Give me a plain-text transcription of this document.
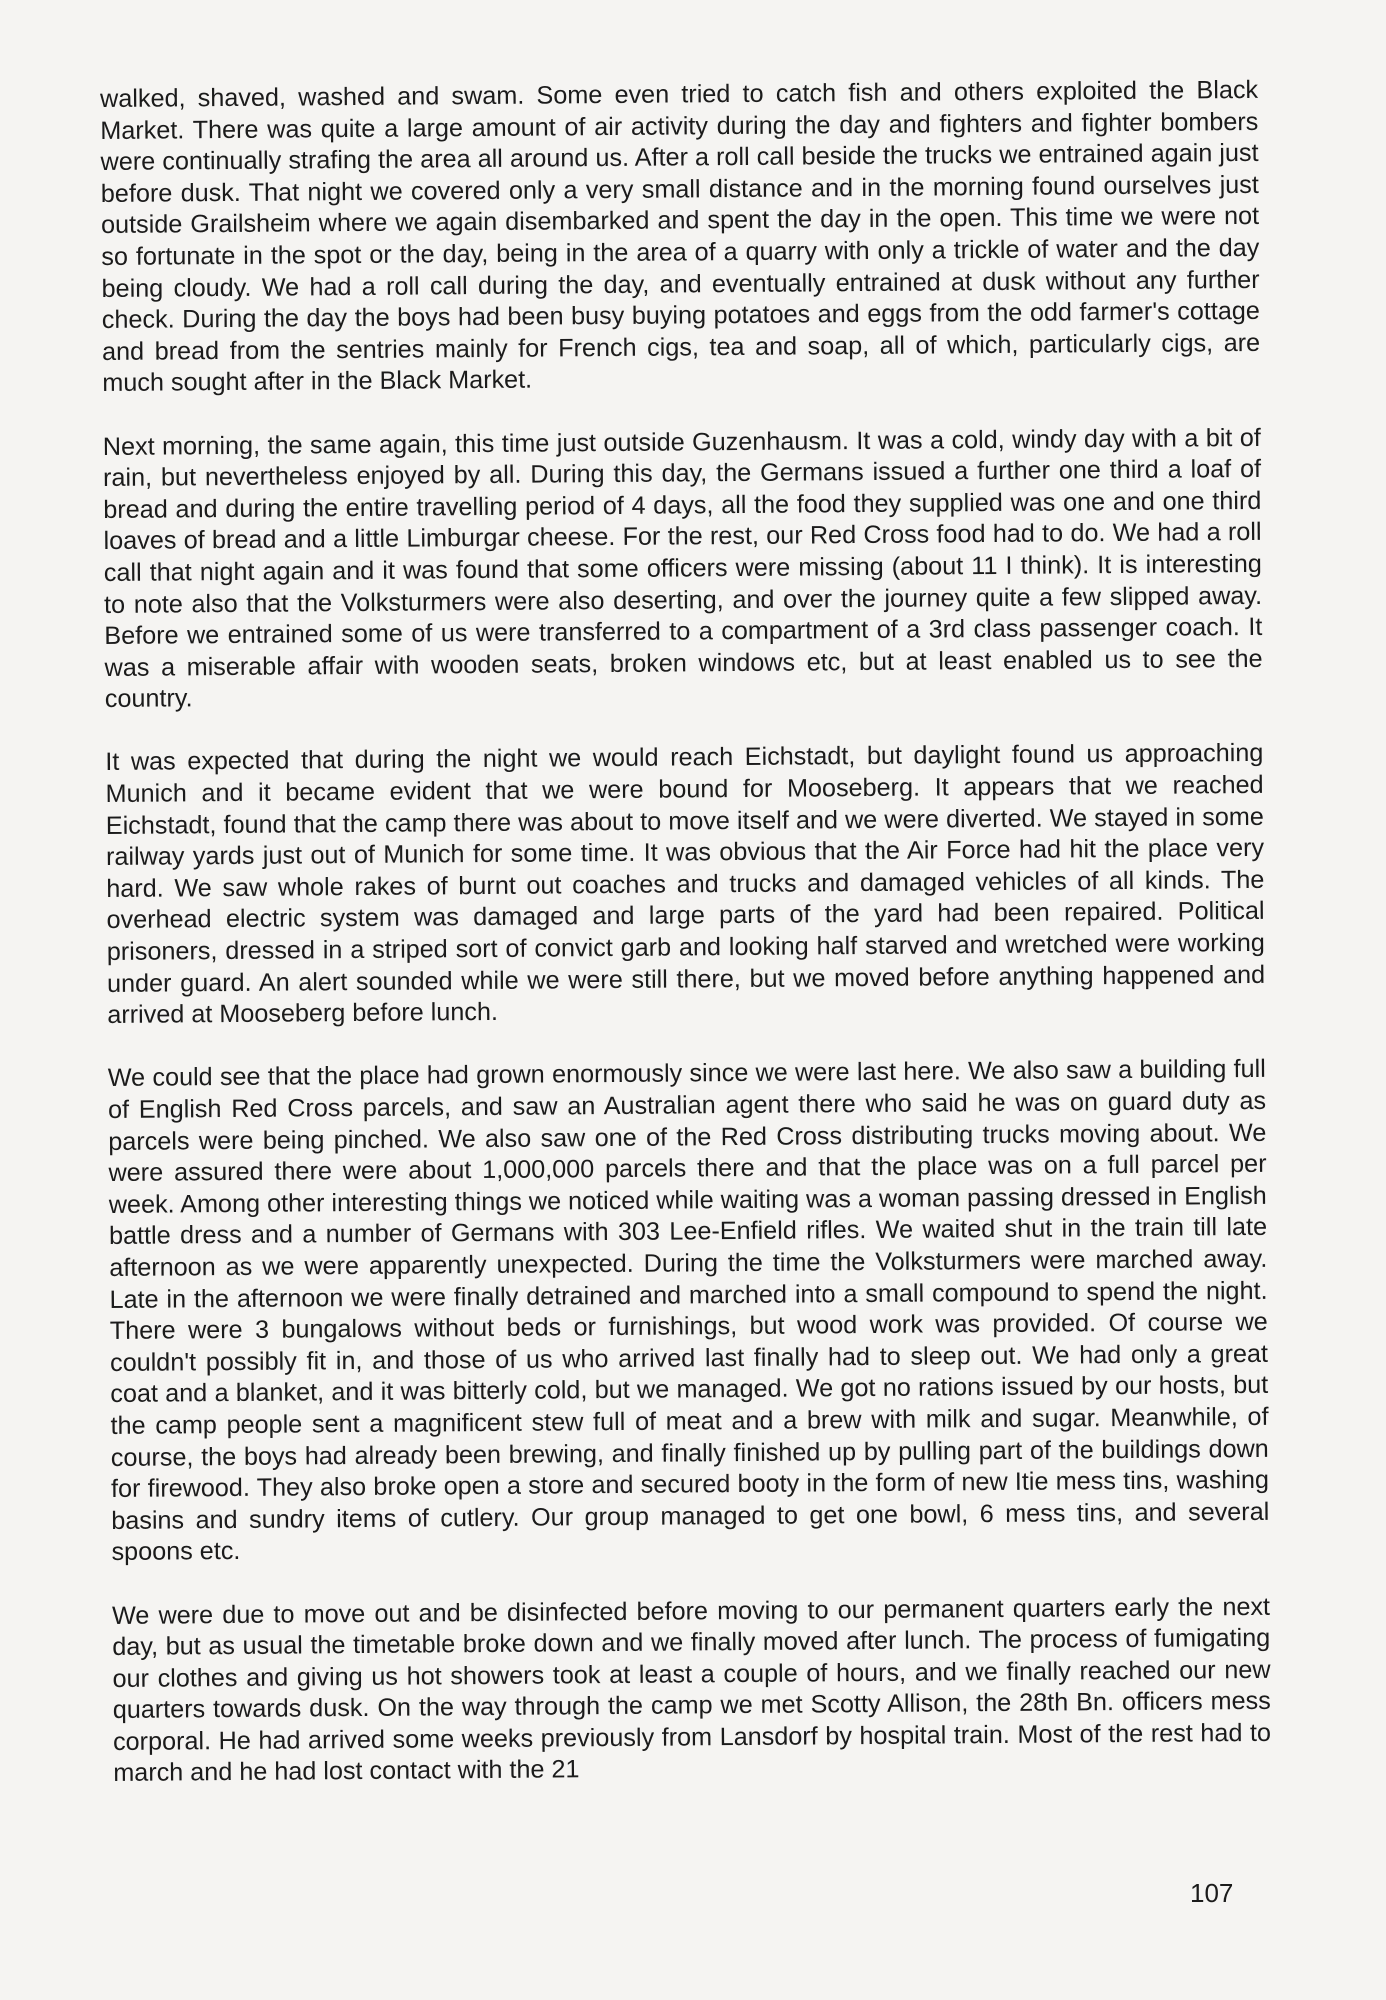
walked, shaved, washed and swam. Some even tried to catch fish and others exploited the Black Market. There was quite a large amount of air activity during the day and fighters and fighter bombers were continually strafing the area all around us. After a roll call beside the trucks we entrained again just before dusk. That night we covered only a very small distance and in the morning found ourselves just outside Grailsheim where we again disembarked and spent the day in the open. This time we were not so fortunate in the spot or the day, being in the area of a quarry with only a trickle of water and the day being cloudy. We had a roll call during the day, and eventually entrained at dusk without any further check. During the day the boys had been busy buying potatoes and eggs from the odd farmer's cottage and bread from the sentries mainly for French cigs, tea and soap, all of which, particularly cigs, are much sought after in the Black Market.

Next morning, the same again, this time just outside Guzenhausm. It was a cold, windy day with a bit of rain, but nevertheless enjoyed by all. During this day, the Germans issued a further one third a loaf of bread and during the entire travelling period of 4 days, all the food they supplied was one and one third loaves of bread and a little Limburgar cheese. For the rest, our Red Cross food had to do. We had a roll call that night again and it was found that some officers were missing (about 11 I think). It is interesting to note also that the Volksturmers were also deserting, and over the journey quite a few slipped away. Before we entrained some of us were transferred to a compartment of a 3rd class passenger coach. It was a miserable affair with wooden seats, broken windows etc, but at least enabled us to see the country.

It was expected that during the night we would reach Eichstadt, but daylight found us approaching Munich and it became evident that we were bound for Mooseberg. It appears that we reached Eichstadt, found that the camp there was about to move itself and we were diverted. We stayed in some railway yards just out of Munich for some time. It was obvious that the Air Force had hit the place very hard. We saw whole rakes of burnt out coaches and trucks and damaged vehicles of all kinds. The overhead electric system was damaged and large parts of the yard had been repaired. Political prisoners, dressed in a striped sort of convict garb and looking half starved and wretched were working under guard. An alert sounded while we were still there, but we moved before anything happened and arrived at Mooseberg before lunch.

We could see that the place had grown enormously since we were last here. We also saw a building full of English Red Cross parcels, and saw an Australian agent there who said he was on guard duty as parcels were being pinched. We also saw one of the Red Cross distributing trucks moving about. We were assured there were about 1,000,000 parcels there and that the place was on a full parcel per week. Among other interesting things we noticed while waiting was a woman passing dressed in English battle dress and a number of Germans with 303 Lee-Enfield rifles. We waited shut in the train till late afternoon as we were apparently unexpected. During the time the Volksturmers were marched away. Late in the afternoon we were finally detrained and marched into a small compound to spend the night. There were 3 bungalows without beds or furnishings, but wood work was provided. Of course we couldn't possibly fit in, and those of us who arrived last finally had to sleep out. We had only a great coat and a blanket, and it was bitterly cold, but we managed. We got no rations issued by our hosts, but the camp people sent a magnificent stew full of meat and a brew with milk and sugar. Meanwhile, of course, the boys had already been brewing, and finally finished up by pulling part of the buildings down for firewood. They also broke open a store and secured booty in the form of new Itie mess tins, washing basins and sundry items of cutlery. Our group managed to get one bowl, 6 mess tins, and several spoons etc.

We were due to move out and be disinfected before moving to our permanent quarters early the next day, but as usual the timetable broke down and we finally moved after lunch. The process of fumigating our clothes and giving us hot showers took at least a couple of hours, and we finally reached our new quarters towards dusk. On the way through the camp we met Scotty Allison, the 28th Bn. officers mess corporal. He had arrived some weeks previously from Lansdorf by hospital train. Most of the rest had to march and he had lost contact with the 21

107
